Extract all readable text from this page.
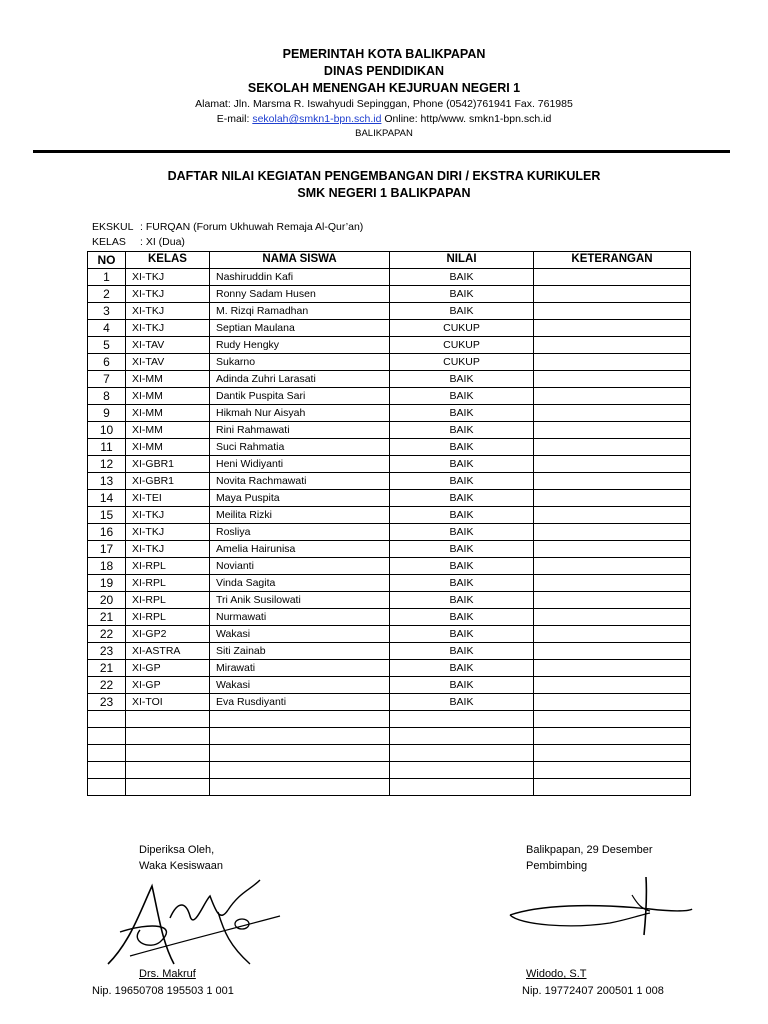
PEMERINTAH KOTA BALIKPAPAN
DINAS PENDIDIKAN
SEKOLAH MENENGAH KEJURUAN NEGERI 1
Alamat: Jln. Marsma R. Iswahyudi Sepinggan, Phone (0542)761941 Fax. 761985
E-mail: sekolah@smkn1-bpn.sch.id Online: http/www. smkn1-bpn.sch.id
BALIKPAPAN
DAFTAR NILAI KEGIATAN PENGEMBANGAN DIRI / EKSTRA KURIKULER
SMK NEGERI 1 BALIKPAPAN
EKSKUL : FURQAN (Forum Ukhuwah Remaja Al-Qur’an)
KELAS : XI (Dua)
NO	KELAS	NAMA SISWA	NILAI	KETERANGAN
1	XI-TKJ	Nashiruddin Kafi	BAIK	
2	XI-TKJ	Ronny Sadam Husen	BAIK	
3	XI-TKJ	M. Rizqi Ramadhan	BAIK	
4	XI-TKJ	Septian Maulana	CUKUP	
5	XI-TAV	Rudy Hengky	CUKUP	
6	XI-TAV	Sukarno	CUKUP	
7	XI-MM	Adinda Zuhri Larasati	BAIK	
8	XI-MM	Dantik Puspita Sari	BAIK	
9	XI-MM	Hikmah Nur Aisyah	BAIK	
10	XI-MM	Rini Rahmawati	BAIK	
11	XI-MM	Suci Rahmatia	BAIK	
12	XI-GBR1	Heni Widiyanti	BAIK	
13	XI-GBR1	Novita Rachmawati	BAIK	
14	XI-TEI	Maya Puspita	BAIK	
15	XI-TKJ	Meilita Rizki	BAIK	
16	XI-TKJ	Rosliya	BAIK	
17	XI-TKJ	Amelia Hairunisa	BAIK	
18	XI-RPL	Novianti	BAIK	
19	XI-RPL	Vinda Sagita	BAIK	
20	XI-RPL	Tri Anik Susilowati	BAIK	
21	XI-RPL	Nurmawati	BAIK	
22	XI-GP2	Wakasi	BAIK	
23	XI-ASTRA	Siti Zainab	BAIK	
21	XI-GP	Mirawati	BAIK	
22	XI-GP	Wakasi	BAIK	
23	XI-TOI	Eva Rusdiyanti	BAIK	

Diperiksa Oleh,
Waka Kesiswaan
Drs. Makruf
Nip. 19650708 195503 1 001
Balikpapan, 29 Desember
Pembimbing
Widodo, S.T
Nip. 19772407 200501 1 008
